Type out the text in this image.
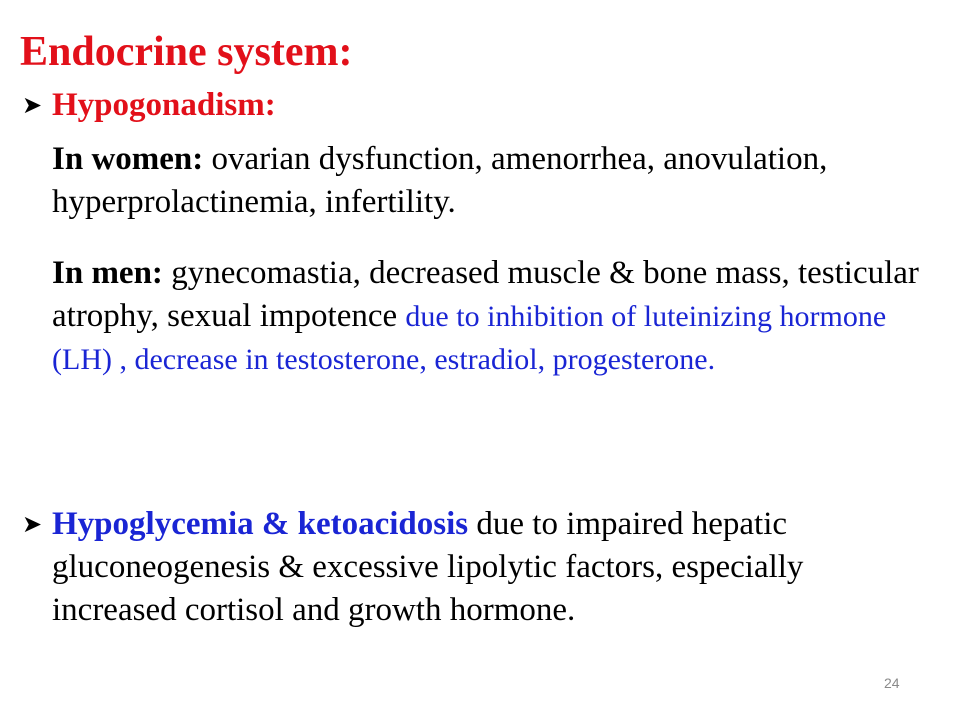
Endocrine system:
➤ Hypogonadism:
In women: ovarian dysfunction, amenorrhea, anovulation, hyperprolactinemia, infertility.
In men: gynecomastia, decreased muscle & bone mass, testicular atrophy, sexual impotence due to inhibition of luteinizing hormone (LH) , decrease in testosterone, estradiol, progesterone.
➤ Hypoglycemia & ketoacidosis due to impaired hepatic gluconeogenesis & excessive lipolytic factors, especially increased cortisol and growth hormone.
24
